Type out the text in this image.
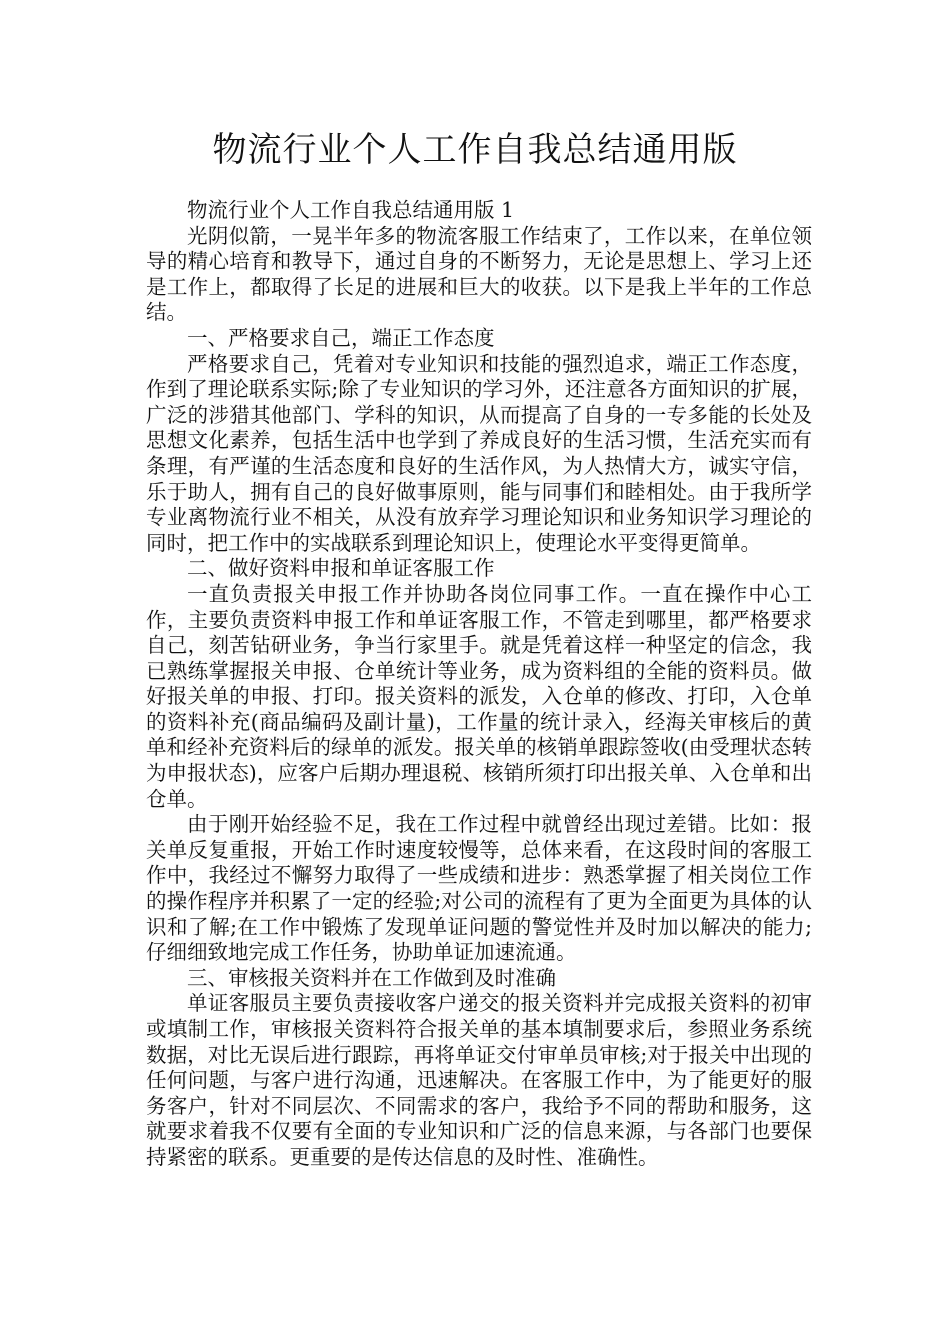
物流行业个人工作自我总结通用版

物流行业个人工作自我总结通用版 1

光阴似箭，一晃半年多的物流客服工作结束了，工作以来，在单位领导的精心培育和教导下，通过自身的不断努力，无论是思想上、学习上还是工作上，都取得了长足的进展和巨大的收获。以下是我上半年的工作总结。

一、严格要求自己，端正工作态度

严格要求自己，凭着对专业知识和技能的强烈追求，端正工作态度，作到了理论联系实际;除了专业知识的学习外，还注意各方面知识的扩展，广泛的涉猎其他部门、学科的知识，从而提高了自身的一专多能的长处及思想文化素养，包括生活中也学到了养成良好的生活习惯，生活充实而有条理，有严谨的生活态度和良好的生活作风，为人热情大方，诚实守信，乐于助人，拥有自己的良好做事原则，能与同事们和睦相处。由于我所学专业离物流行业不相关，从没有放弃学习理论知识和业务知识学习理论的同时，把工作中的实战联系到理论知识上，使理论水平变得更简单。

二、做好资料申报和单证客服工作

一直负责报关申报工作并协助各岗位同事工作。一直在操作中心工作，主要负责资料申报工作和单证客服工作，不管走到哪里，都严格要求自己，刻苦钻研业务，争当行家里手。就是凭着这样一种坚定的信念，我已熟练掌握报关申报、仓单统计等业务，成为资料组的全能的资料员。做好报关单的申报、打印。报关资料的派发，入仓单的修改、打印，入仓单的资料补充(商品编码及副计量)，工作量的统计录入，经海关审核后的黄单和经补充资料后的绿单的派发。报关单的核销单跟踪签收(由受理状态转为申报状态)，应客户后期办理退税、核销所须打印出报关单、入仓单和出仓单。

由于刚开始经验不足，我在工作过程中就曾经出现过差错。比如：报关单反复重报，开始工作时速度较慢等，总体来看，在这段时间的客服工作中，我经过不懈努力取得了一些成绩和进步：熟悉掌握了相关岗位工作的操作程序并积累了一定的经验;对公司的流程有了更为全面更为具体的认识和了解;在工作中锻炼了发现单证问题的警觉性并及时加以解决的能力;仔细细致地完成工作任务，协助单证加速流通。

三、审核报关资料并在工作做到及时准确

单证客服员主要负责接收客户递交的报关资料并完成报关资料的初审或填制工作，审核报关资料符合报关单的基本填制要求后，参照业务系统数据，对比无误后进行跟踪，再将单证交付审单员审核;对于报关中出现的任何问题，与客户进行沟通，迅速解决。在客服工作中，为了能更好的服务客户，针对不同层次、不同需求的客户，我给予不同的帮助和服务，这就要求着我不仅要有全面的专业知识和广泛的信息来源，与各部门也要保持紧密的联系。更重要的是传达信息的及时性、准确性。
